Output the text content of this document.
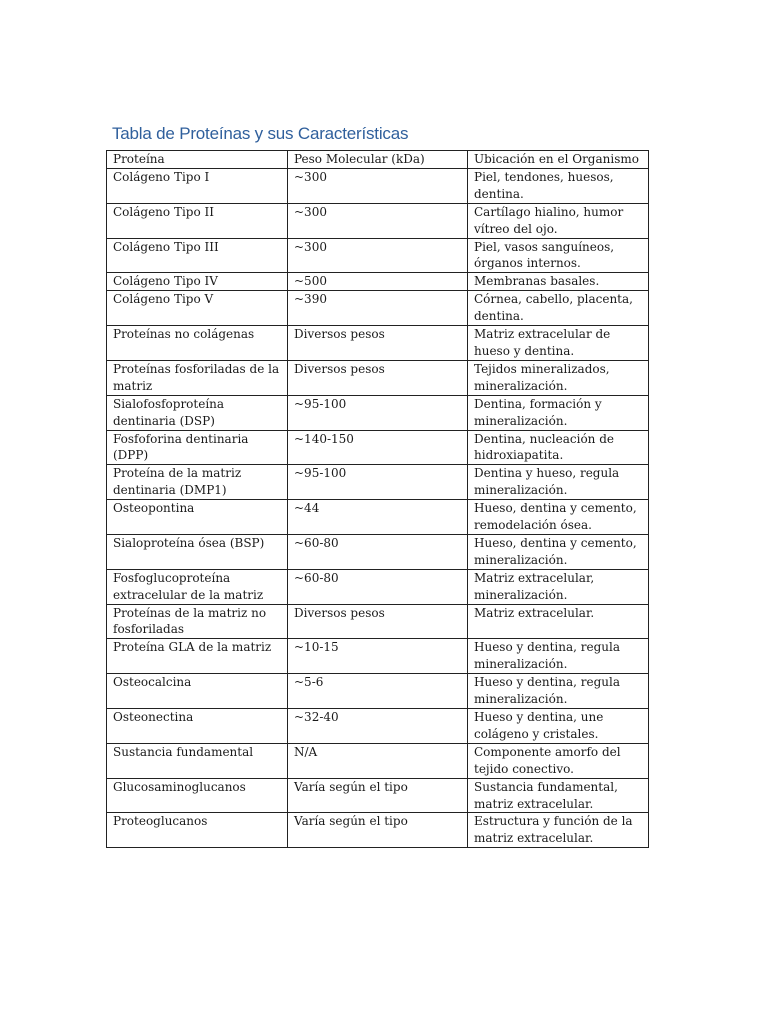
Tabla de Proteínas y sus Características
Proteína	Peso Molecular (kDa)	Ubicación en el Organismo
Colágeno Tipo I	~300	Piel, tendones, huesos, dentina.
Colágeno Tipo II	~300	Cartílago hialino, humor vítreo del ojo.
Colágeno Tipo III	~300	Piel, vasos sanguíneos, órganos internos.
Colágeno Tipo IV	~500	Membranas basales.
Colágeno Tipo V	~390	Córnea, cabello, placenta, dentina.
Proteínas no colágenas	Diversos pesos	Matriz extracelular de hueso y dentina.
Proteínas fosforiladas de la matriz	Diversos pesos	Tejidos mineralizados, mineralización.
Sialofosfoproteína dentinaria (DSP)	~95-100	Dentina, formación y mineralización.
Fosfoforina dentinaria (DPP)	~140-150	Dentina, nucleación de hidroxiapatita.
Proteína de la matriz dentinaria (DMP1)	~95-100	Dentina y hueso, regula mineralización.
Osteopontina	~44	Hueso, dentina y cemento, remodelación ósea.
Sialoproteína ósea (BSP)	~60-80	Hueso, dentina y cemento, mineralización.
Fosfoglucoproteína extracelular de la matriz	~60-80	Matriz extracelular, mineralización.
Proteínas de la matriz no fosforiladas	Diversos pesos	Matriz extracelular.
Proteína GLA de la matriz	~10-15	Hueso y dentina, regula mineralización.
Osteocalcina	~5-6	Hueso y dentina, regula mineralización.
Osteonectina	~32-40	Hueso y dentina, une colágeno y cristales.
Sustancia fundamental	N/A	Componente amorfo del tejido conectivo.
Glucosaminoglucanos	Varía según el tipo	Sustancia fundamental, matriz extracelular.
Proteoglucanos	Varía según el tipo	Estructura y función de la matriz extracelular.
